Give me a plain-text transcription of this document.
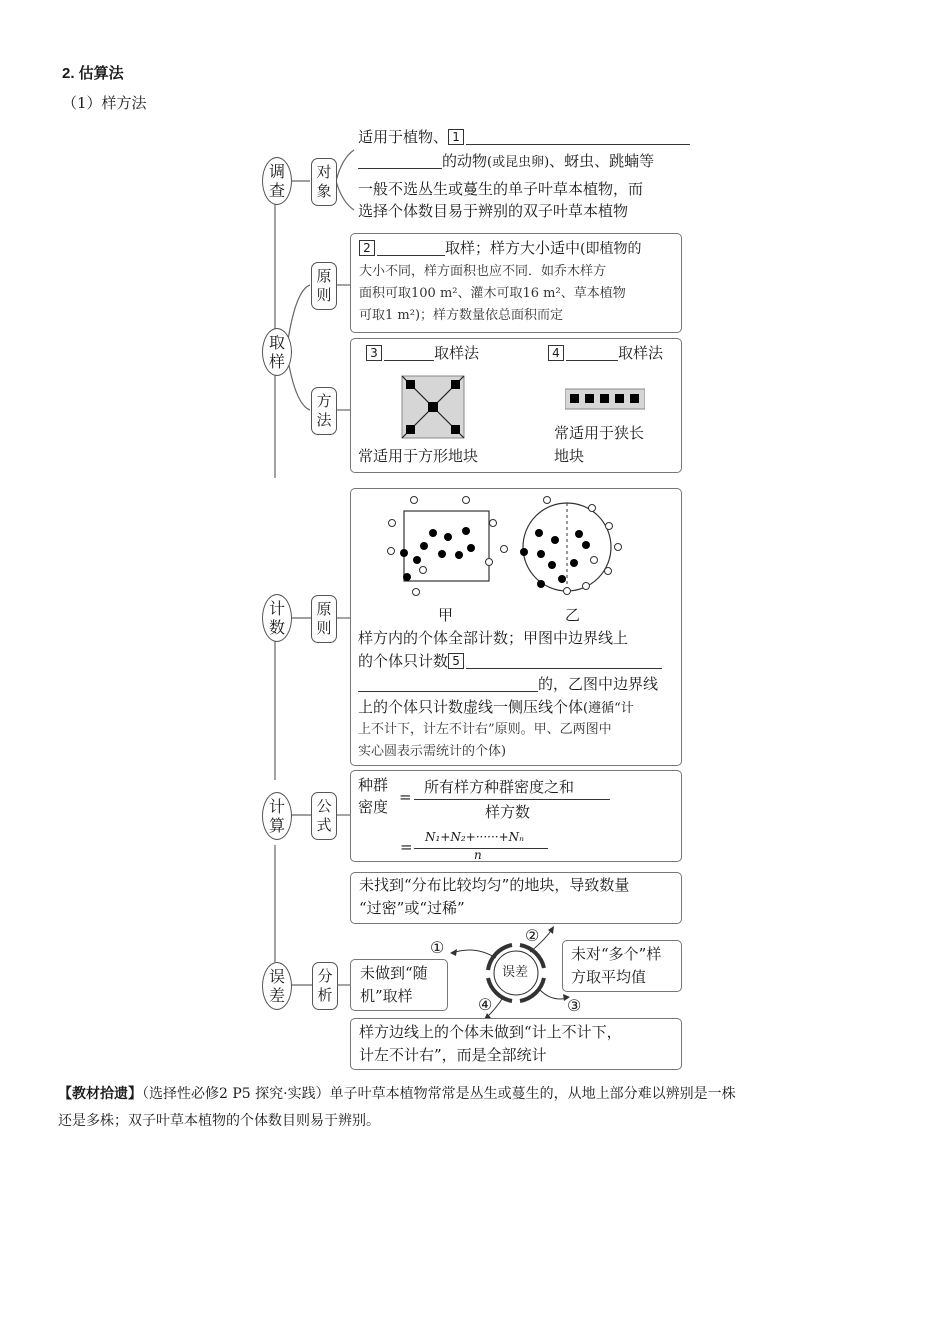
2. 估算法
（1）样方法
调查
取样
计数
计算
误差
对象
原则
方法
原则
公式
分析
适用于植物、 1
的动物(或昆虫卵)、蚜虫、跳蝻等
一般不选丛生或蔓生的单子叶草本植物，而
选择个体数目易于辨别的双子叶草本植物
2	取样；样方大小适中(即植物的
大小不同，样方面积也应不同．如乔木样方
面积可取100 m²、灌木可取16 m²、草本植物
可取1 m²)；样方数量依总面积而定
3	取样法	4	取样法
常适用于方形地块
常适用于狭长
地块
甲	乙
样方内的个体全部计数；甲图中边界线上
的个体只计数 5
的，乙图中边界线
上的个体只计数虚线一侧压线个体(遵循“计
上不计下，计左不计右”原则。甲、乙两图中
实心圆表示需统计的个体)
种群
密度
=
所有样方种群密度之和
样方数
=
N₁+N₂+······+Nₙ
n
未找到“分布比较均匀”的地块，导致数量
“过密”或“过稀”
未做到“随
机”取样
未对“多个”样
方取平均值
误差
①
②
③
④
样方边线上的个体未做到“计上不计下，
计左不计右”，而是全部统计
【教材拾遗】（选择性必修2 P5 探究·实践）单子叶草本植物常常是丛生或蔓生的，从地上部分难以辨别是一株
还是多株；双子叶草本植物的个体数目则易于辨别。
